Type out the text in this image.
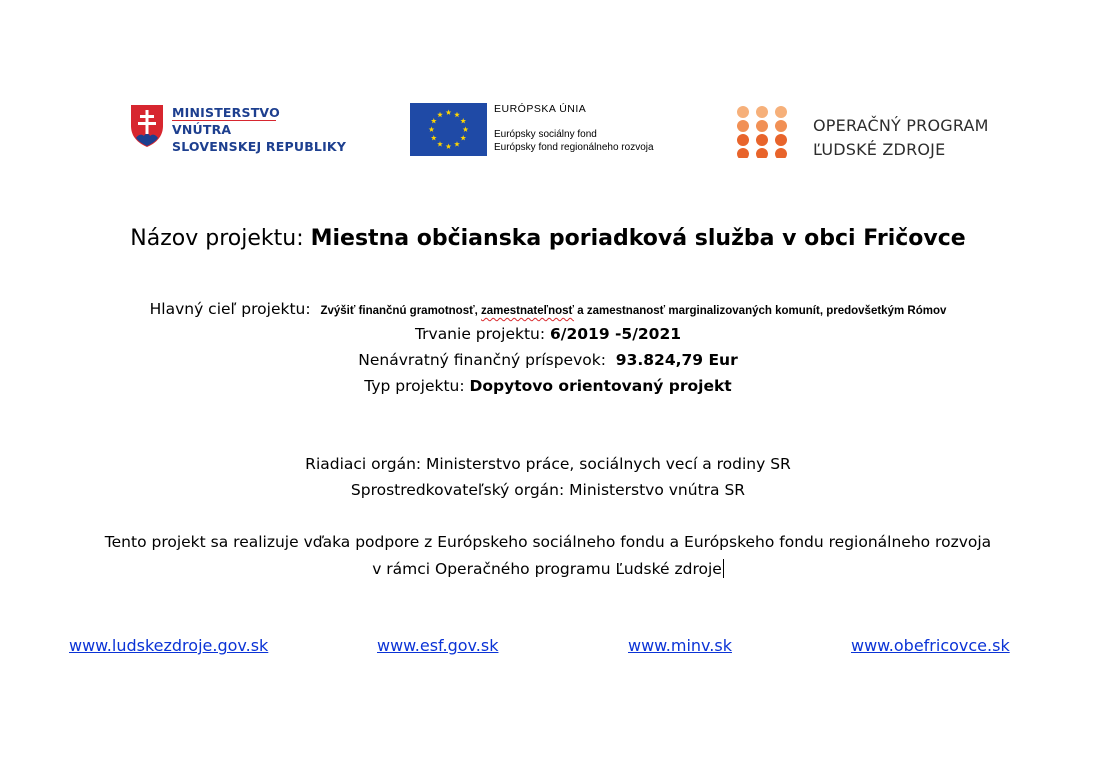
MINISTERSTVO
VNÚTRA
SLOVENSKEJ REPUBLIKY
EURÓPSKA ÚNIA
Európsky sociálny fond
Európsky fond regionálneho rozvoja
OPERAČNÝ PROGRAM
ĽUDSKÉ ZDROJE
Názov projektu: Miestna občianska poriadková služba v obci Fričovce
Hlavný cieľ projektu: Zvýšiť finančnú gramotnosť, zamestnateľnosť a zamestnanosť marginalizovaných komunít, predovšetkým Rómov
Trvanie projektu: 6/2019 -5/2021
Nenávratný finančný príspevok:  93.824,79 Eur
Typ projektu: Dopytovo orientovaný projekt
Riadiaci orgán: Ministerstvo práce, sociálnych vecí a rodiny SR
Sprostredkovateľský orgán: Ministerstvo vnútra SR
Tento projekt sa realizuje vďaka podpore z Európskeho sociálneho fondu a Európskeho fondu regionálneho rozvoja
v rámci Operačného programu Ľudské zdroje
www.ludskezdroje.gov.sk	www.esf.gov.sk	www.minv.sk	www.obefricovce.sk
